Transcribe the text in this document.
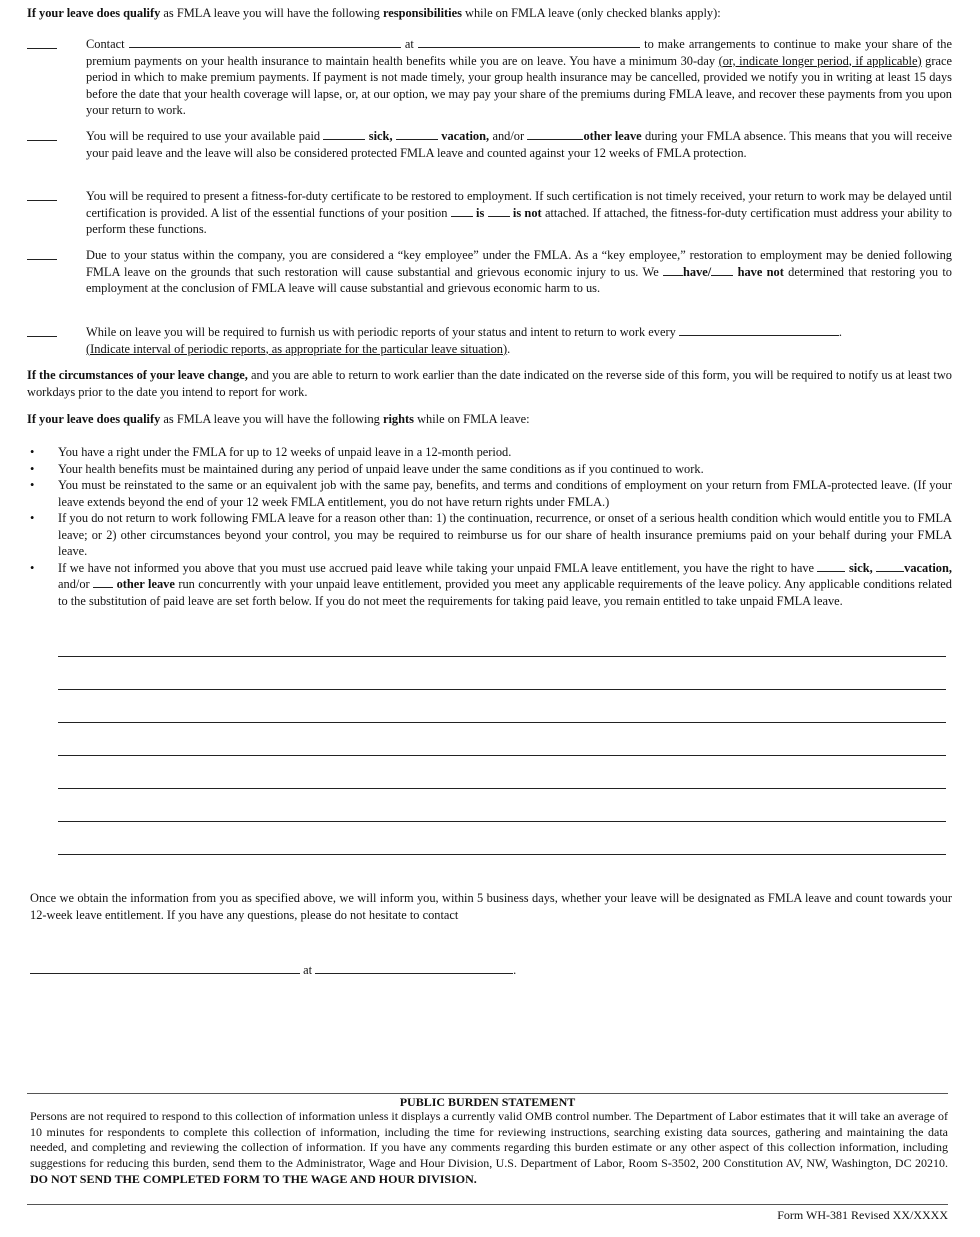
If your leave does qualify as FMLA leave you will have the following responsibilities while on FMLA leave (only checked blanks apply):

Contact	at	to make arrangements to continue to make your share of the premium payments on your health insurance to maintain health benefits while you are on leave. You have a minimum 30-day (or, indicate longer period, if applicable) grace period in which to make premium payments. If payment is not made timely, your group health insurance may be cancelled, provided we notify you in writing at least 15 days before the date that your health coverage will lapse, or, at our option, we may pay your share of the premiums during FMLA leave, and recover these payments from you upon your return to work.
You will be required to use your available paid	sick,	vacation, and/or	other leave during your FMLA absence. This means that you will receive your paid leave and the leave will also be considered protected FMLA leave and counted against your 12 weeks of FMLA protection.
You will be required to present a fitness-for-duty certificate to be restored to employment. If such certification is not timely received, your return to work may be delayed until certification is provided. A list of the essential functions of your position  is is not attached. If attached, the fitness-for-duty certification must address your ability to perform these functions.
Due to your status within the company, you are considered a “key employee” under the FMLA. As a “key employee,” restoration to employment may be denied following FMLA leave on the grounds that such restoration will cause substantial and grievous economic injury to us. We have/ have not determined that restoring you to employment at the conclusion of FMLA leave will cause substantial and grievous economic harm to us.
While on leave you will be required to furnish us with periodic reports of your status and intent to return to work every	.
(Indicate interval of periodic reports, as appropriate for the particular leave situation).

If the circumstances of your leave change, and you are able to return to work earlier than the date indicated on the reverse side of this form, you will be required to notify us at least two workdays prior to the date you intend to report for work.

If your leave does qualify as FMLA leave you will have the following rights while on FMLA leave:

• You have a right under the FMLA for up to 12 weeks of unpaid leave in a 12-month period.
• Your health benefits must be maintained during any period of unpaid leave under the same conditions as if you continued to work.
• You must be reinstated to the same or an equivalent job with the same pay, benefits, and terms and conditions of employment on your return from FMLA-protected leave. (If your leave extends beyond the end of your 12 week FMLA entitlement, you do not have return rights under FMLA.)
• If you do not return to work following FMLA leave for a reason other than: 1) the continuation, recurrence, or onset of a serious health condition which would entitle you to FMLA leave; or 2) other circumstances beyond your control, you may be required to reimburse us for our share of health insurance premiums paid on your behalf during your FMLA leave.
• If we have not informed you above that you must use accrued paid leave while taking your unpaid FMLA leave entitlement, you have the right to have	sick,	vacation, and/or  other leave run concurrently with your unpaid leave entitlement, provided you meet any applicable requirements of the leave policy. Any applicable conditions related to the substitution of paid leave are set forth below. If you do not meet the requirements for taking paid leave, you remain entitled to take unpaid FMLA leave.

Once we obtain the information from you as specified above, we will inform you, within 5 business days, whether your leave will be designated as FMLA leave and count towards your 12-week leave entitlement. If you have any questions, please do not hesitate to contact

at	.
PUBLIC BURDEN STATEMENT
Persons are not required to respond to this collection of information unless it displays a currently valid OMB control number. The Department of Labor estimates that it will take an average of 10 minutes for respondents to complete this collection of information, including the time for reviewing instructions, searching existing data sources, gathering and maintaining the data needed, and completing and reviewing the collection of information. If you have any comments regarding this burden estimate or any other aspect of this collection information, including suggestions for reducing this burden, send them to the Administrator, Wage and Hour Division, U.S. Department of Labor, Room S-3502, 200 Constitution AV, NW, Washington, DC 20210. DO NOT SEND THE COMPLETED FORM TO THE WAGE AND HOUR DIVISION.
Form WH-381 Revised XX/XXXX
